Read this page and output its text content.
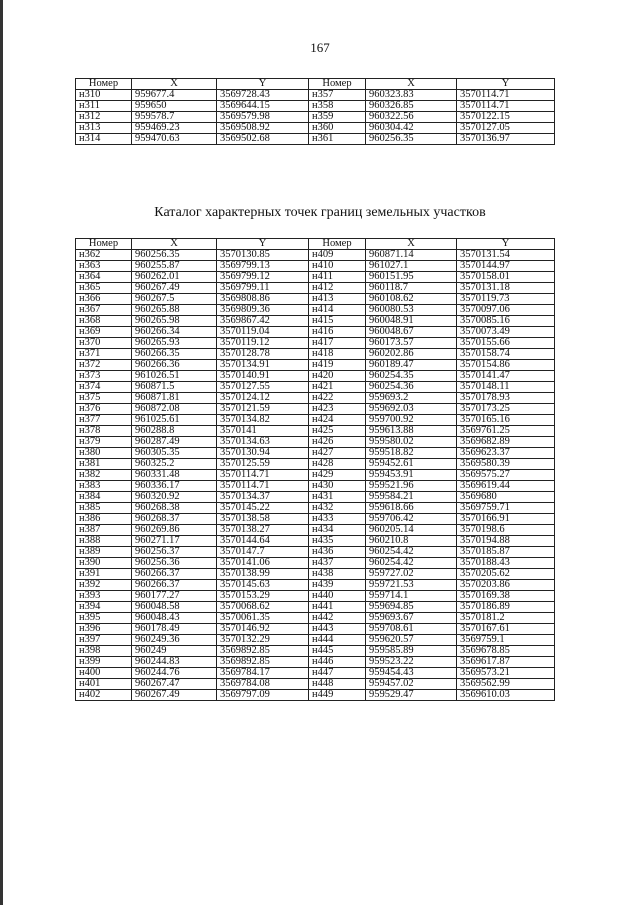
167
Номер	X	Y	Номер	X	Y
н310	959677.4	3569728.43	н357	960323.83	3570114.71
н311	959650	3569644.15	н358	960326.85	3570114.71
н312	959578.7	3569579.98	н359	960322.56	3570122.15
н313	959469.23	3569508.92	н360	960304.42	3570127.05
н314	959470.63	3569502.68	н361	960256.35	3570136.97
Каталог характерных точек границ земельных участков
Номер	X	Y	Номер	X	Y
н362	960256.35	3570130.85	н409	960871.14	3570131.54
н363	960255.87	3569799.13	н410	961027.1	3570144.97
н364	960262.01	3569799.12	н411	960151.95	3570158.01
н365	960267.49	3569799.11	н412	960118.7	3570131.18
н366	960267.5	3569808.86	н413	960108.62	3570119.73
н367	960265.88	3569809.36	н414	960080.53	3570097.06
н368	960265.98	3569867.42	н415	960048.91	3570085.16
н369	960266.34	3570119.04	н416	960048.67	3570073.49
н370	960265.93	3570119.12	н417	960173.57	3570155.66
н371	960266.35	3570128.78	н418	960202.86	3570158.74
н372	960266.36	3570134.91	н419	960189.47	3570154.86
н373	961026.51	3570140.91	н420	960254.35	3570141.47
н374	960871.5	3570127.55	н421	960254.36	3570148.11
н375	960871.81	3570124.12	н422	959693.2	3570178.93
н376	960872.08	3570121.59	н423	959692.03	3570173.25
н377	961025.61	3570134.82	н424	959700.92	3570165.16
н378	960288.8	3570141	н425	959613.88	3569761.25
н379	960287.49	3570134.63	н426	959580.02	3569682.89
н380	960305.35	3570130.94	н427	959518.82	3569623.37
н381	960325.2	3570125.59	н428	959452.61	3569580.39
н382	960331.48	3570114.71	н429	959453.91	3569575.27
н383	960336.17	3570114.71	н430	959521.96	3569619.44
н384	960320.92	3570134.37	н431	959584.21	3569680
н385	960268.38	3570145.22	н432	959618.66	3569759.71
н386	960268.37	3570138.58	н433	959706.42	3570166.91
н387	960269.86	3570138.27	н434	960205.14	3570198.6
н388	960271.17	3570144.64	н435	960210.8	3570194.88
н389	960256.37	3570147.7	н436	960254.42	3570185.87
н390	960256.36	3570141.06	н437	960254.42	3570188.43
н391	960266.37	3570138.99	н438	959727.02	3570205.62
н392	960266.37	3570145.63	н439	959721.53	3570203.86
н393	960177.27	3570153.29	н440	959714.1	3570169.38
н394	960048.58	3570068.62	н441	959694.85	3570186.89
н395	960048.43	3570061.35	н442	959693.67	3570181.2
н396	960178.49	3570146.92	н443	959708.61	3570167.61
н397	960249.36	3570132.29	н444	959620.57	3569759.1
н398	960249	3569892.85	н445	959585.89	3569678.85
н399	960244.83	3569892.85	н446	959523.22	3569617.87
н400	960244.76	3569784.17	н447	959454.43	3569573.21
н401	960267.47	3569784.08	н448	959457.02	3569562.99
н402	960267.49	3569797.09	н449	959529.47	3569610.03
